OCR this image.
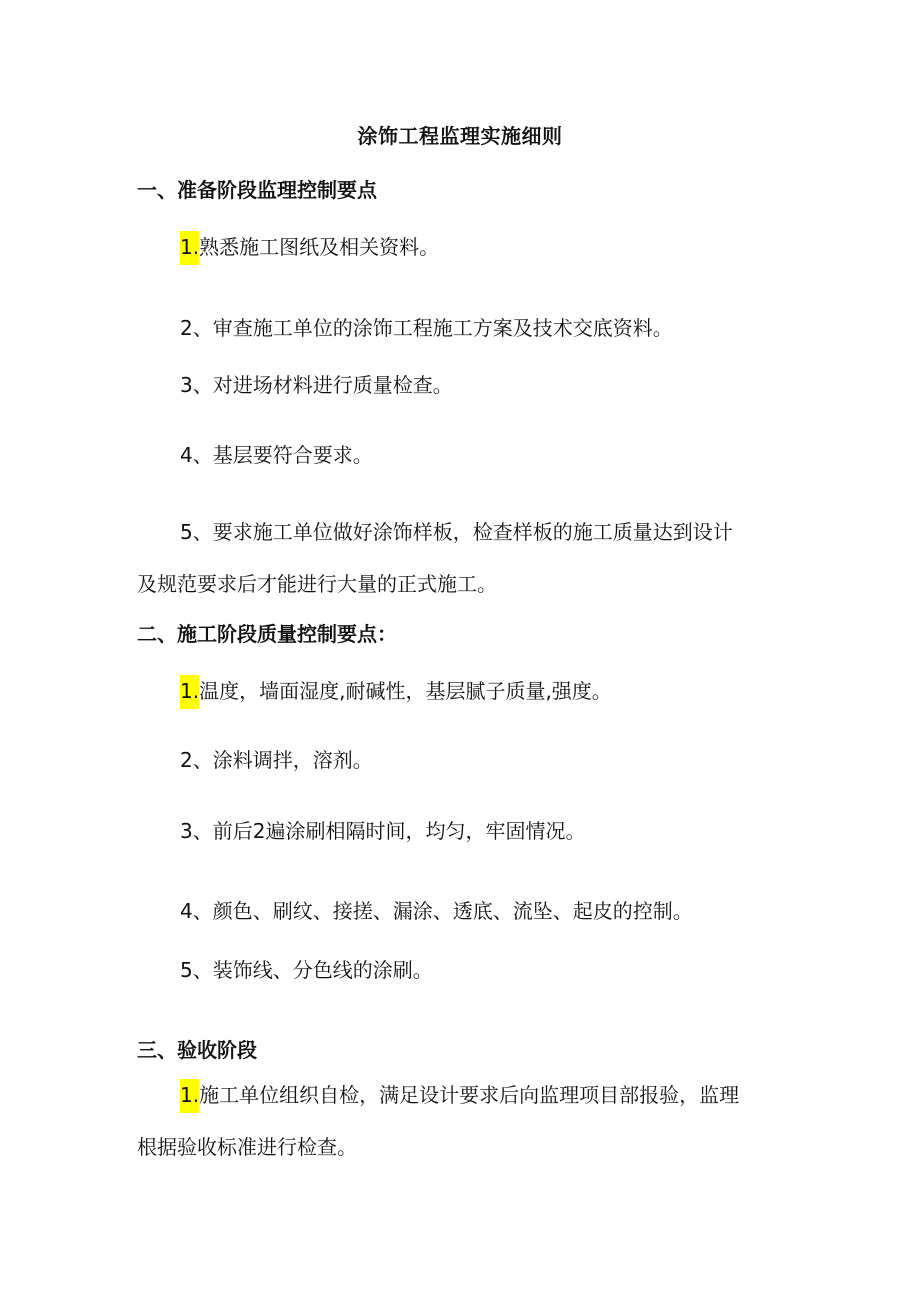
涂饰工程监理实施细则
一、准备阶段监理控制要点
1.熟悉施工图纸及相关资料。
2、审查施工单位的涂饰工程施工方案及技术交底资料。
3、对进场材料进行质量检查。
4、基层要符合要求。
5、要求施工单位做好涂饰样板，检查样板的施工质量达到设计
及规范要求后才能进行大量的正式施工。
二、施工阶段质量控制要点：
1.温度，墙面湿度,耐碱性，基层腻子质量,强度。
2、涂料调拌，溶剂。
3、前后2遍涂刷相隔时间，均匀，牢固情况。
4、颜色、刷纹、接搓、漏涂、透底、流坠、起皮的控制。
5、装饰线、分色线的涂刷。
三、验收阶段
1.施工单位组织自检，满足设计要求后向监理项目部报验，监理
根据验收标准进行检查。
